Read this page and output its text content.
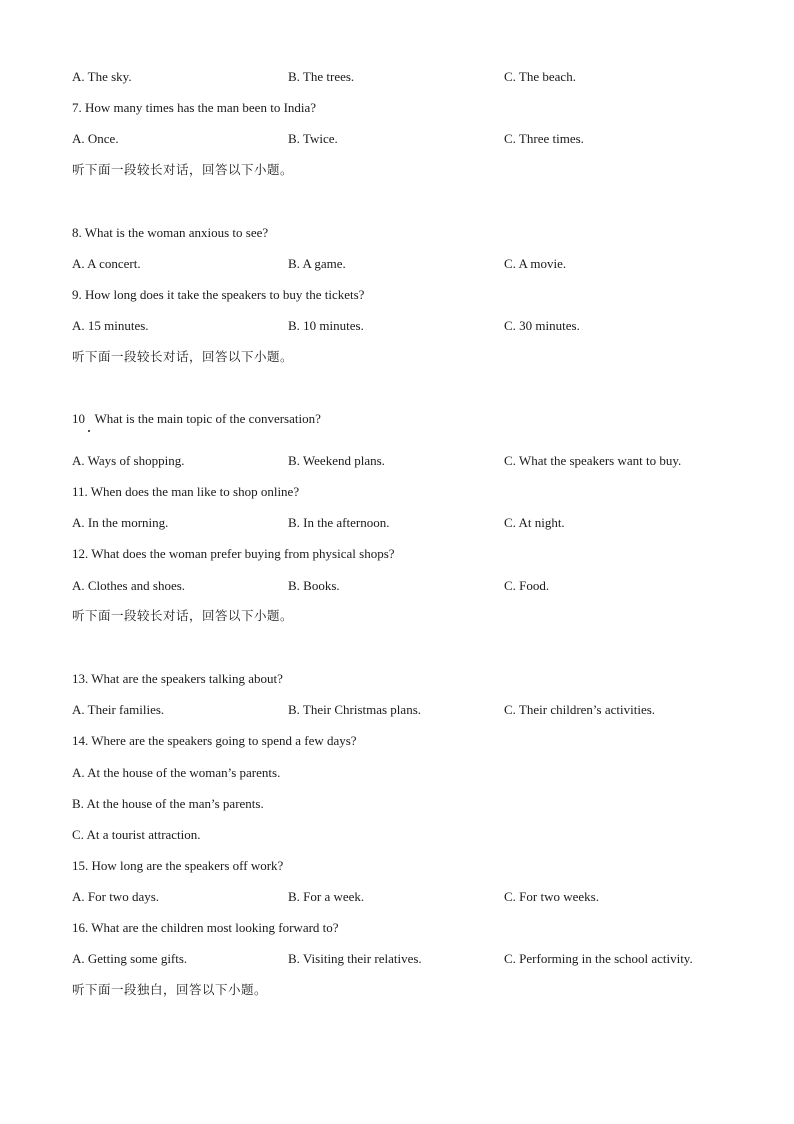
A. The sky.	B. The trees.	C. The beach.
7. How many times has the man been to India?
A. Once.	B. Twice.	C. Three times.
听下面一段较长对话，回答以下小题。
8. What is the woman anxious to see?
A. A concert.	B. A game.	C. A movie.
9. How long does it take the speakers to buy the tickets?
A. 15 minutes.	B. 10 minutes.	C. 30 minutes.
听下面一段较长对话，回答以下小题。
10   What is the main topic of the conversation?
A. Ways of shopping.	B. Weekend plans.	C. What the speakers want to buy.
11. When does the man like to shop online?
A. In the morning.	B. In the afternoon.	C. At night.
12. What does the woman prefer buying from physical shops?
A. Clothes and shoes.	B. Books.	C. Food.
听下面一段较长对话，回答以下小题。
13. What are the speakers talking about?
A. Their families.	B. Their Christmas plans.	C. Their children’s activities.
14. Where are the speakers going to spend a few days?
A. At the house of the woman’s parents.
B. At the house of the man’s parents.
C. At a tourist attraction.
15. How long are the speakers off work?
A. For two days.	B. For a week.	C. For two weeks.
16. What are the children most looking forward to?
A. Getting some gifts.	B. Visiting their relatives.	C. Performing in the school activity.
听下面一段独白，回答以下小题。
